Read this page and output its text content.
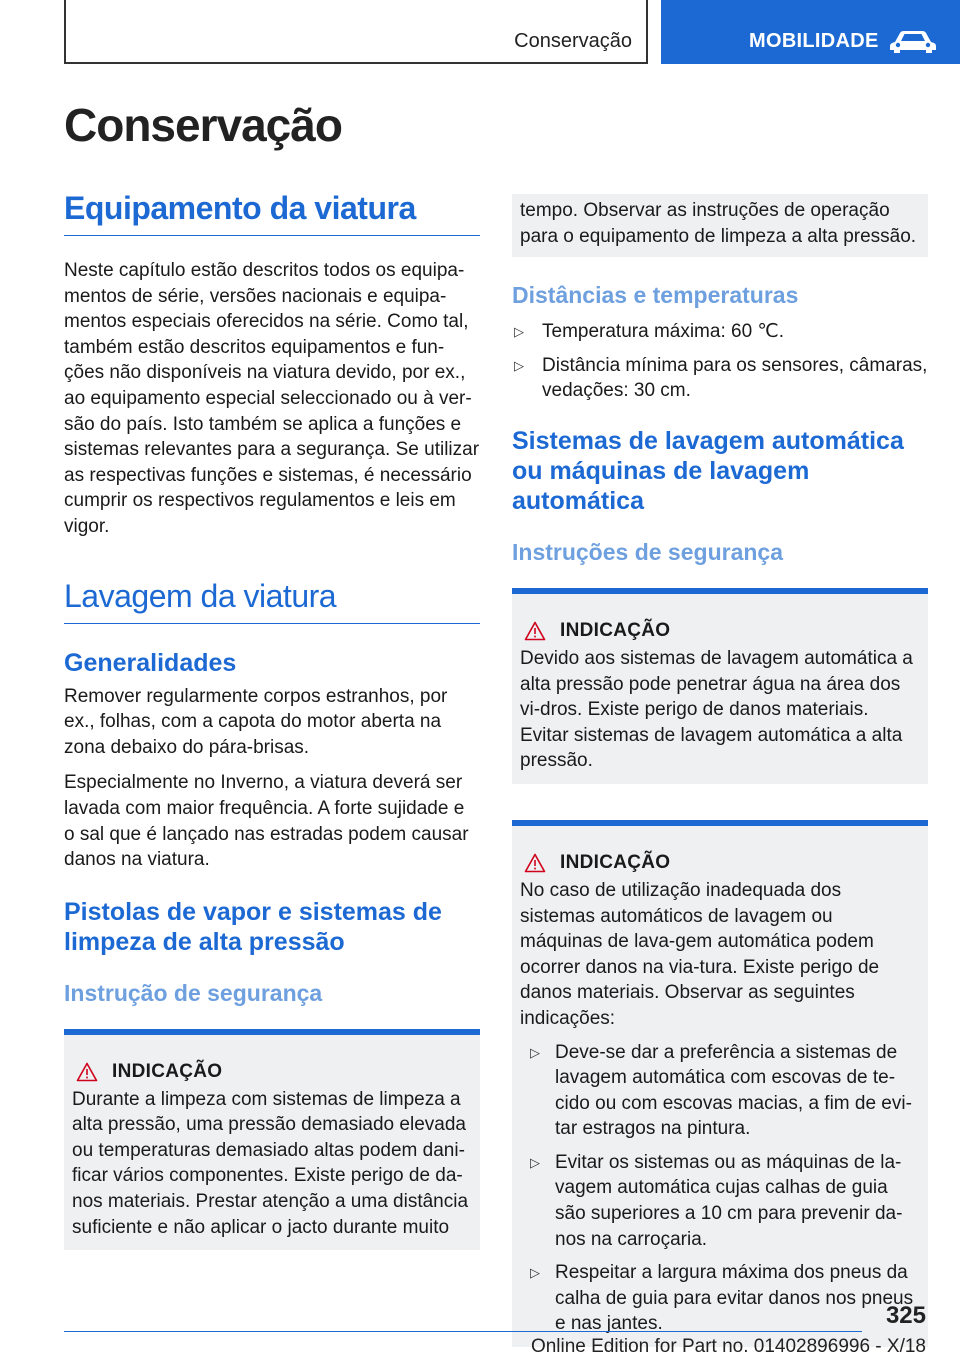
Conservação	MOBILIDADE
Conservação
Equipamento da viatura

Neste capítulo estão descritos todos os equipa‐mentos de série, versões nacionais e equipa‐mentos especiais oferecidos na série. Como tal, também estão descritos equipamentos e fun‐ções não disponíveis na viatura devido, por ex., ao equipamento especial seleccionado ou à ver‐são do país. Isto também se aplica a funções e sistemas relevantes para a segurança. Se utilizar as respectivas funções e sistemas, é necessário cumprir os respectivos regulamentos e leis em vigor.

Lavagem da viatura
Generalidades

Remover regularmente corpos estranhos, por ex., folhas, com a capota do motor aberta na zona debaixo do pára-brisas.

Especialmente no Inverno, a viatura deverá ser lavada com maior frequência. A forte sujidade e o sal que é lançado nas estradas podem causar danos na viatura.

Pistolas de vapor e sistemas de limpeza de alta pressão
Instrução de segurança
INDICAÇÃO

Durante a limpeza com sistemas de limpeza a alta pressão, uma pressão demasiado elevada ou temperaturas demasiado altas podem dani‐ficar vários componentes. Existe perigo de da‐nos materiais. Prestar atenção a uma distância suficiente e não aplicar o jacto durante muito

tempo. Observar as instruções de operação para o equipamento de limpeza a alta pressão.

Distâncias e temperaturas
▷ Temperatura máxima: 60 ℃.
▷ Distância mínima para os sensores, câmaras, vedações: 30 cm.
Sistemas de lavagem automática ou máquinas de lavagem automática
Instruções de segurança
INDICAÇÃO

Devido aos sistemas de lavagem automática a alta pressão pode penetrar água na área dos vi‐dros. Existe perigo de danos materiais. Evitar sistemas de lavagem automática a alta pressão.

INDICAÇÃO

No caso de utilização inadequada dos sistemas automáticos de lavagem ou máquinas de lava‐gem automática podem ocorrer danos na via‐tura. Existe perigo de danos materiais. Observar as seguintes indicações:

▷ Deve-se dar a preferência a sistemas de lavagem automática com escovas de te‐cido ou com escovas macias, a fim de evi‐tar estragos na pintura.
▷ Evitar os sistemas ou as máquinas de la‐vagem automática cujas calhas de guia são superiores a 10 cm para prevenir da‐nos na carroçaria.
▷ Respeitar a largura máxima dos pneus da calha de guia para evitar danos nos pneus e nas jantes.	325
Online Edition for Part no. 01402896996 - X/18
